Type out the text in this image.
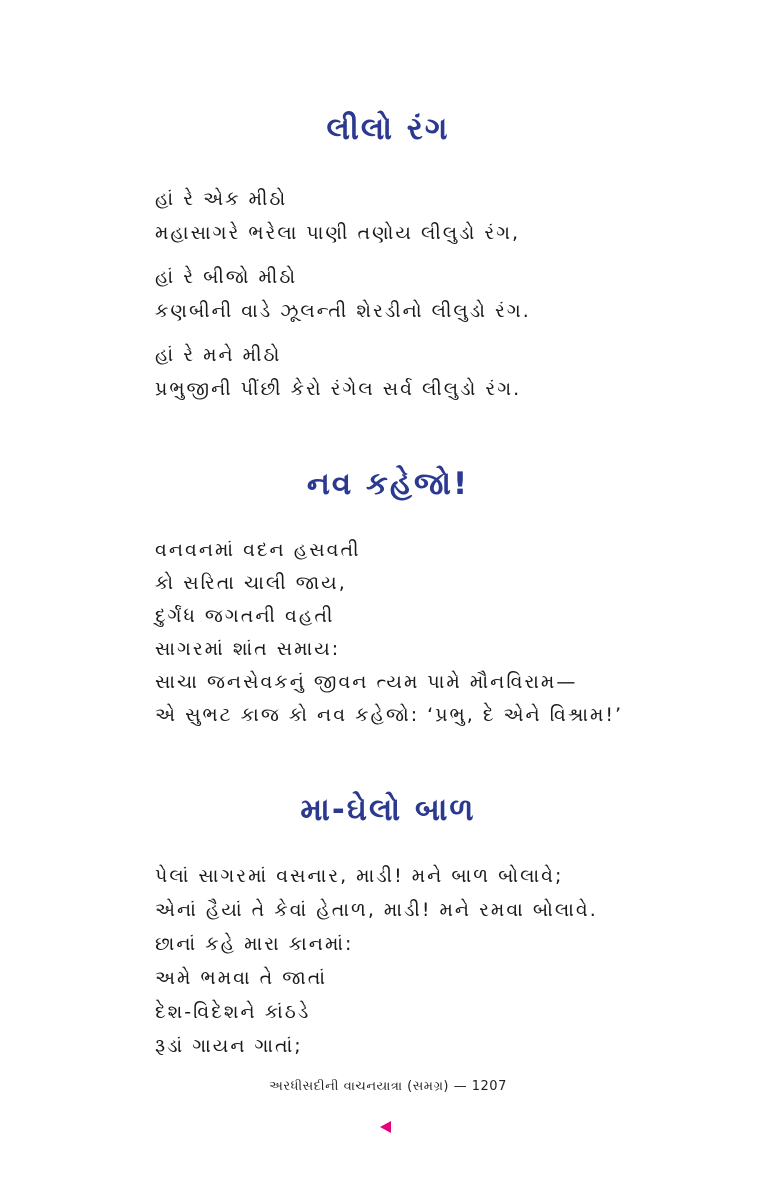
લીલો રંગ
હાં રે એક મીઠો
મહાસાગરે ભરેલા પાણી તણોય લીલુડો રંગ,
હાં રે બીજો મીઠો
કણબીની વાડે ઝૂલન્તી શેરડીનો લીલુડો રંગ.
હાં રે મને મીઠો
પ્રભુજીની પીંછી કેરો રંગેલ સર્વ લીલુડો રંગ.
નવ કહેજો!
વનવનમાં વદન હસવતી
કો સરિતા ચાલી જાય,
દુર્ગંધ જગતની વહતી
સાગરમાં શાંત સમાય:
સાચા જનસેવકનું જીવન ત્યમ પામે મૌનવિરામ—
એ સુભટ કાજ કો નવ કહેજો: ‘પ્રભુ, દે એને વિશ્રામ!’
મા-ઘેલો બાળ
પેલાં સાગરમાં વસનાર, માડી! મને બાળ બોલાવે;
એનાં હૈયાં તે કેવાં હેતાળ, માડી! મને રમવા બોલાવે.
છાનાં કહે મારા કાનમાં:
અમે ભમવા તે જાતાં
દેશ-વિદેશને કાંઠડે
રૂડાં ગાયન ગાતાં;
અરધીસદીની વાચનયાત્રા (સમગ્ર) — 1207
